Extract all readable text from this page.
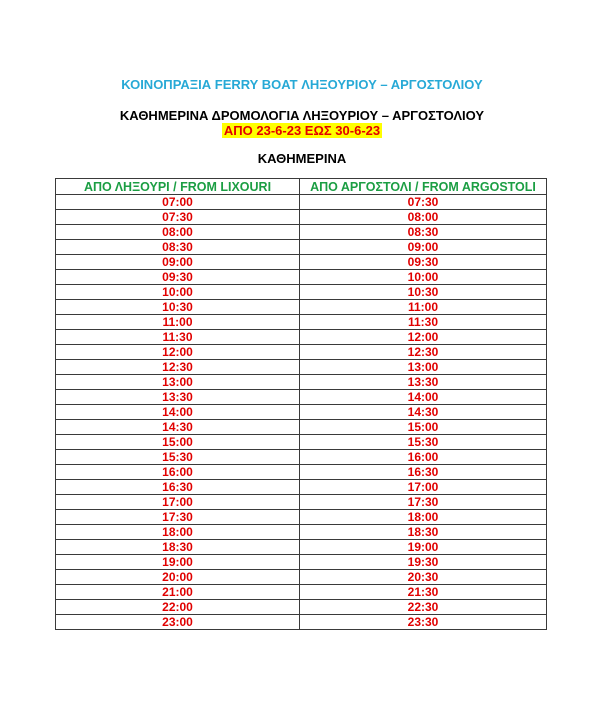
ΚΟΙΝΟΠΡΑΞΙΑ FERRY BOAT ΛΗΞΟΥΡΙΟΥ – ΑΡΓΟΣΤΟΛΙΟΥ
ΚΑΘΗΜΕΡΙΝΑ ΔΡΟΜΟΛΟΓΙΑ ΛΗΞΟΥΡΙΟΥ – ΑΡΓΟΣΤΟΛΙΟΥ
ΑΠΟ 23-6-23 ΕΩΣ 30-6-23
ΚΑΘΗΜΕΡΙΝΑ
ΑΠΟ ΛΗΞΟΥΡΙ / FROM LIXOURI	ΑΠΟ ΑΡΓΟΣΤΟΛΙ / FROM ARGOSTOLI
07:00	07:30
07:30	08:00
08:00	08:30
08:30	09:00
09:00	09:30
09:30	10:00
10:00	10:30
10:30	11:00
11:00	11:30
11:30	12:00
12:00	12:30
12:30	13:00
13:00	13:30
13:30	14:00
14:00	14:30
14:30	15:00
15:00	15:30
15:30	16:00
16:00	16:30
16:30	17:00
17:00	17:30
17:30	18:00
18:00	18:30
18:30	19:00
19:00	19:30
20:00	20:30
21:00	21:30
22:00	22:30
23:00	23:30
